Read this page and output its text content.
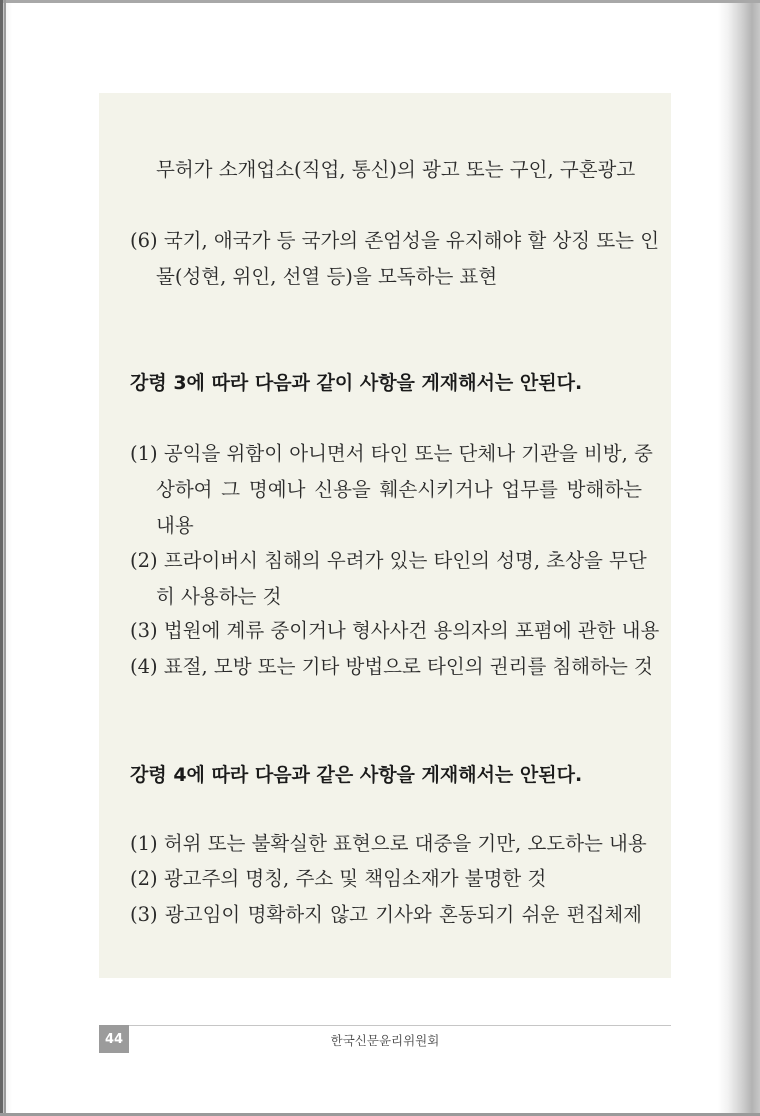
무허가 소개업소(직업, 통신)의 광고 또는 구인, 구혼광고
(6) 국기, 애국가 등 국가의 존엄성을 유지해야 할 상징 또는 인
물(성현, 위인, 선열 등)을 모독하는 표현
강령 3에 따라 다음과 같이 사항을 게재해서는 안된다.
(1) 공익을 위함이 아니면서 타인 또는 단체나 기관을 비방, 중
상하여 그 명예나 신용을 훼손시키거나 업무를 방해하는
내용
(2) 프라이버시 침해의 우려가 있는 타인의 성명, 초상을 무단
히 사용하는 것
(3) 법원에 계류 중이거나 형사사건 용의자의 포폄에 관한 내용
(4) 표절, 모방 또는 기타 방법으로 타인의 권리를 침해하는 것
강령 4에 따라 다음과 같은 사항을 게재해서는 안된다.
(1) 허위 또는 불확실한 표현으로 대중을 기만, 오도하는 내용
(2) 광고주의 명칭, 주소 및 책임소재가 불명한 것
(3) 광고임이 명확하지 않고 기사와 혼동되기 쉬운 편집체제
44	한국신문윤리위원회
